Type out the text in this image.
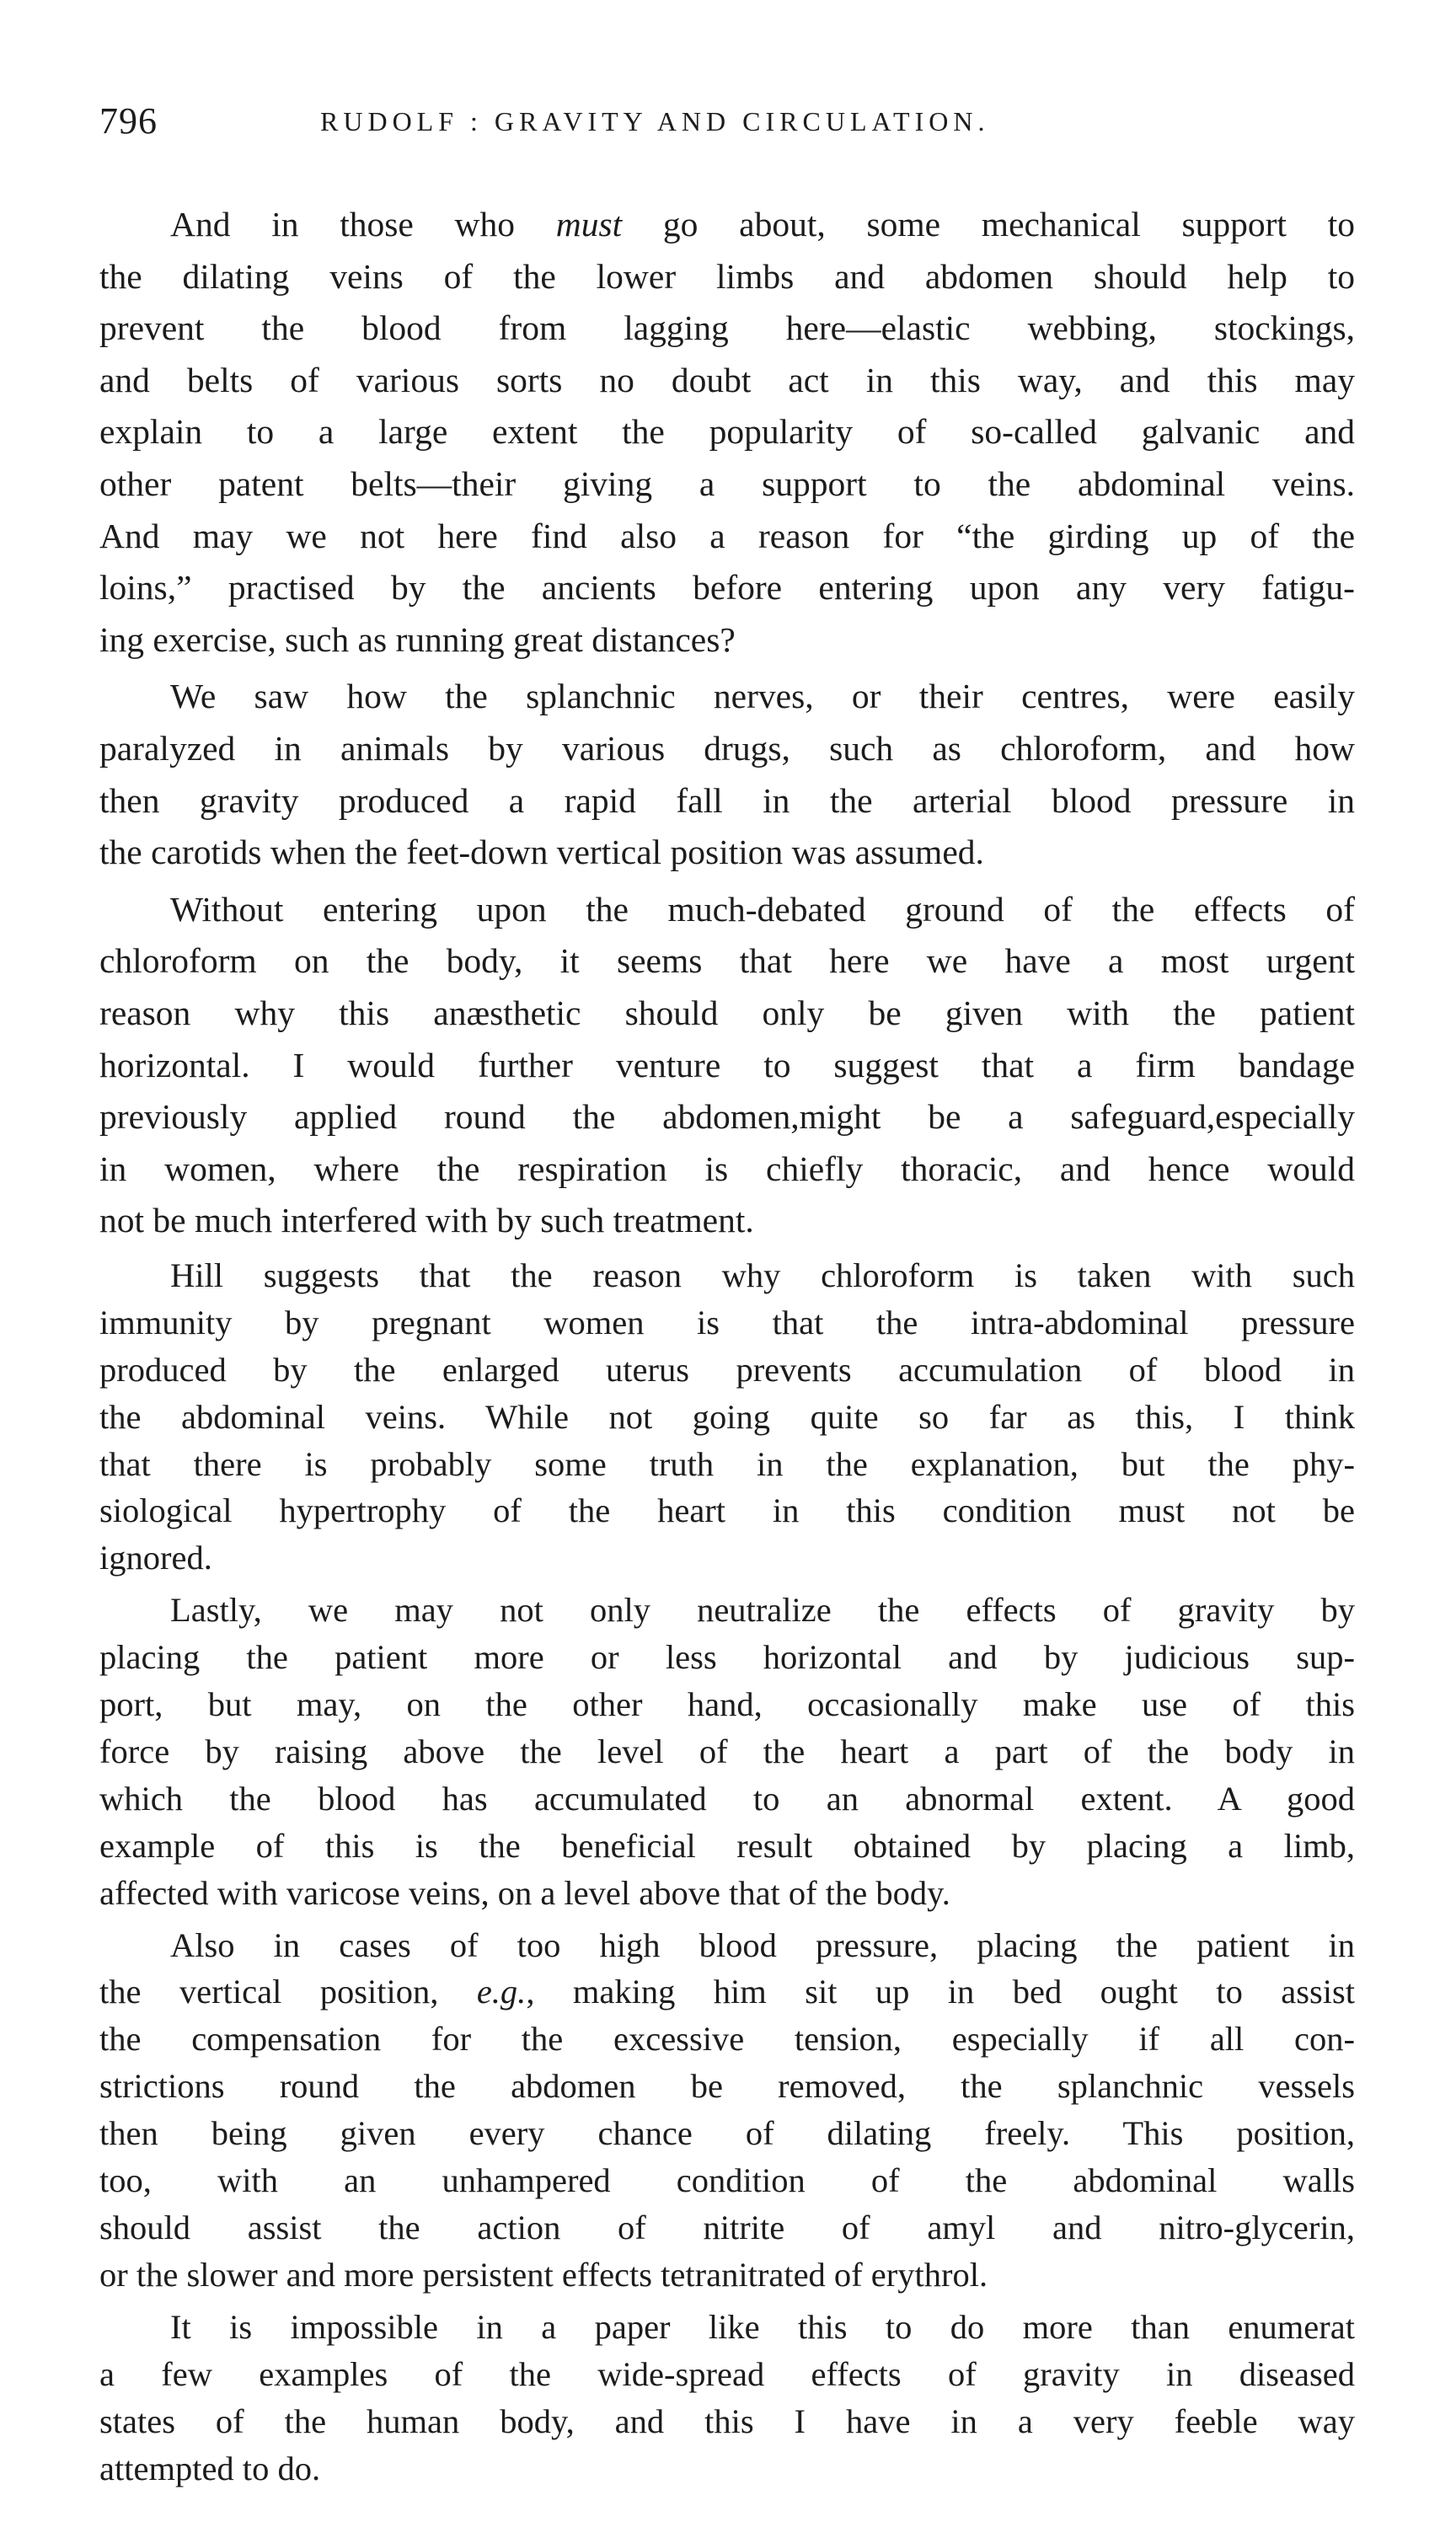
796	RUDOLF : GRAVITY AND CIRCULATION.
And in those who must go about, some mechanical support to
the dilating veins of the lower limbs and abdomen should help to
prevent the blood from lagging here—elastic webbing, stockings,
and belts of various sorts no doubt act in this way, and this may
explain to a large extent the popularity of so-called galvanic and
other patent belts—their giving a support to the abdominal veins.
And may we not here find also a reason for “the girding up of the
loins,” practised by the ancients before entering upon any very fatigu-
ing exercise, such as running great distances?
We saw how the splanchnic nerves, or their centres, were easily
paralyzed in animals by various drugs, such as chloroform, and how
then gravity produced a rapid fall in the arterial blood pressure in
the carotids when the feet-down vertical position was assumed.
Without entering upon the much-debated ground of the effects of
chloroform on the body, it seems that here we have a most urgent
reason why this anæsthetic should only be given with the patient
horizontal. I would further venture to suggest that a firm bandage
previously applied round the abdomen,might be a safeguard,especially
in women, where the respiration is chiefly thoracic, and hence would
not be much interfered with by such treatment.
Hill suggests that the reason why chloroform is taken with such
immunity by pregnant women is that the intra-abdominal pressure
produced by the enlarged uterus prevents accumulation of blood in
the abdominal veins. While not going quite so far as this, I think
that there is probably some truth in the explanation, but the phy-
siological hypertrophy of the heart in this condition must not be
ignored.
Lastly, we may not only neutralize the effects of gravity by
placing the patient more or less horizontal and by judicious sup-
port, but may, on the other hand, occasionally make use of this
force by raising above the level of the heart a part of the body in
which the blood has accumulated to an abnormal extent. A good
example of this is the beneficial result obtained by placing a limb,
affected with varicose veins, on a level above that of the body.
Also in cases of too high blood pressure, placing the patient in
the vertical position, e.g., making him sit up in bed ought to assist
the compensation for the excessive tension, especially if all con-
strictions round the abdomen be removed, the splanchnic vessels
then being given every chance of dilating freely. This position,
too, with an unhampered condition of the abdominal walls
should assist the action of nitrite of amyl and nitro-glycerin,
or the slower and more persistent effects tetranitrated of erythrol.
It is impossible in a paper like this to do more than enumerat
a few examples of the wide-spread effects of gravity in diseased
states of the human body, and this I have in a very feeble way
attempted to do.
